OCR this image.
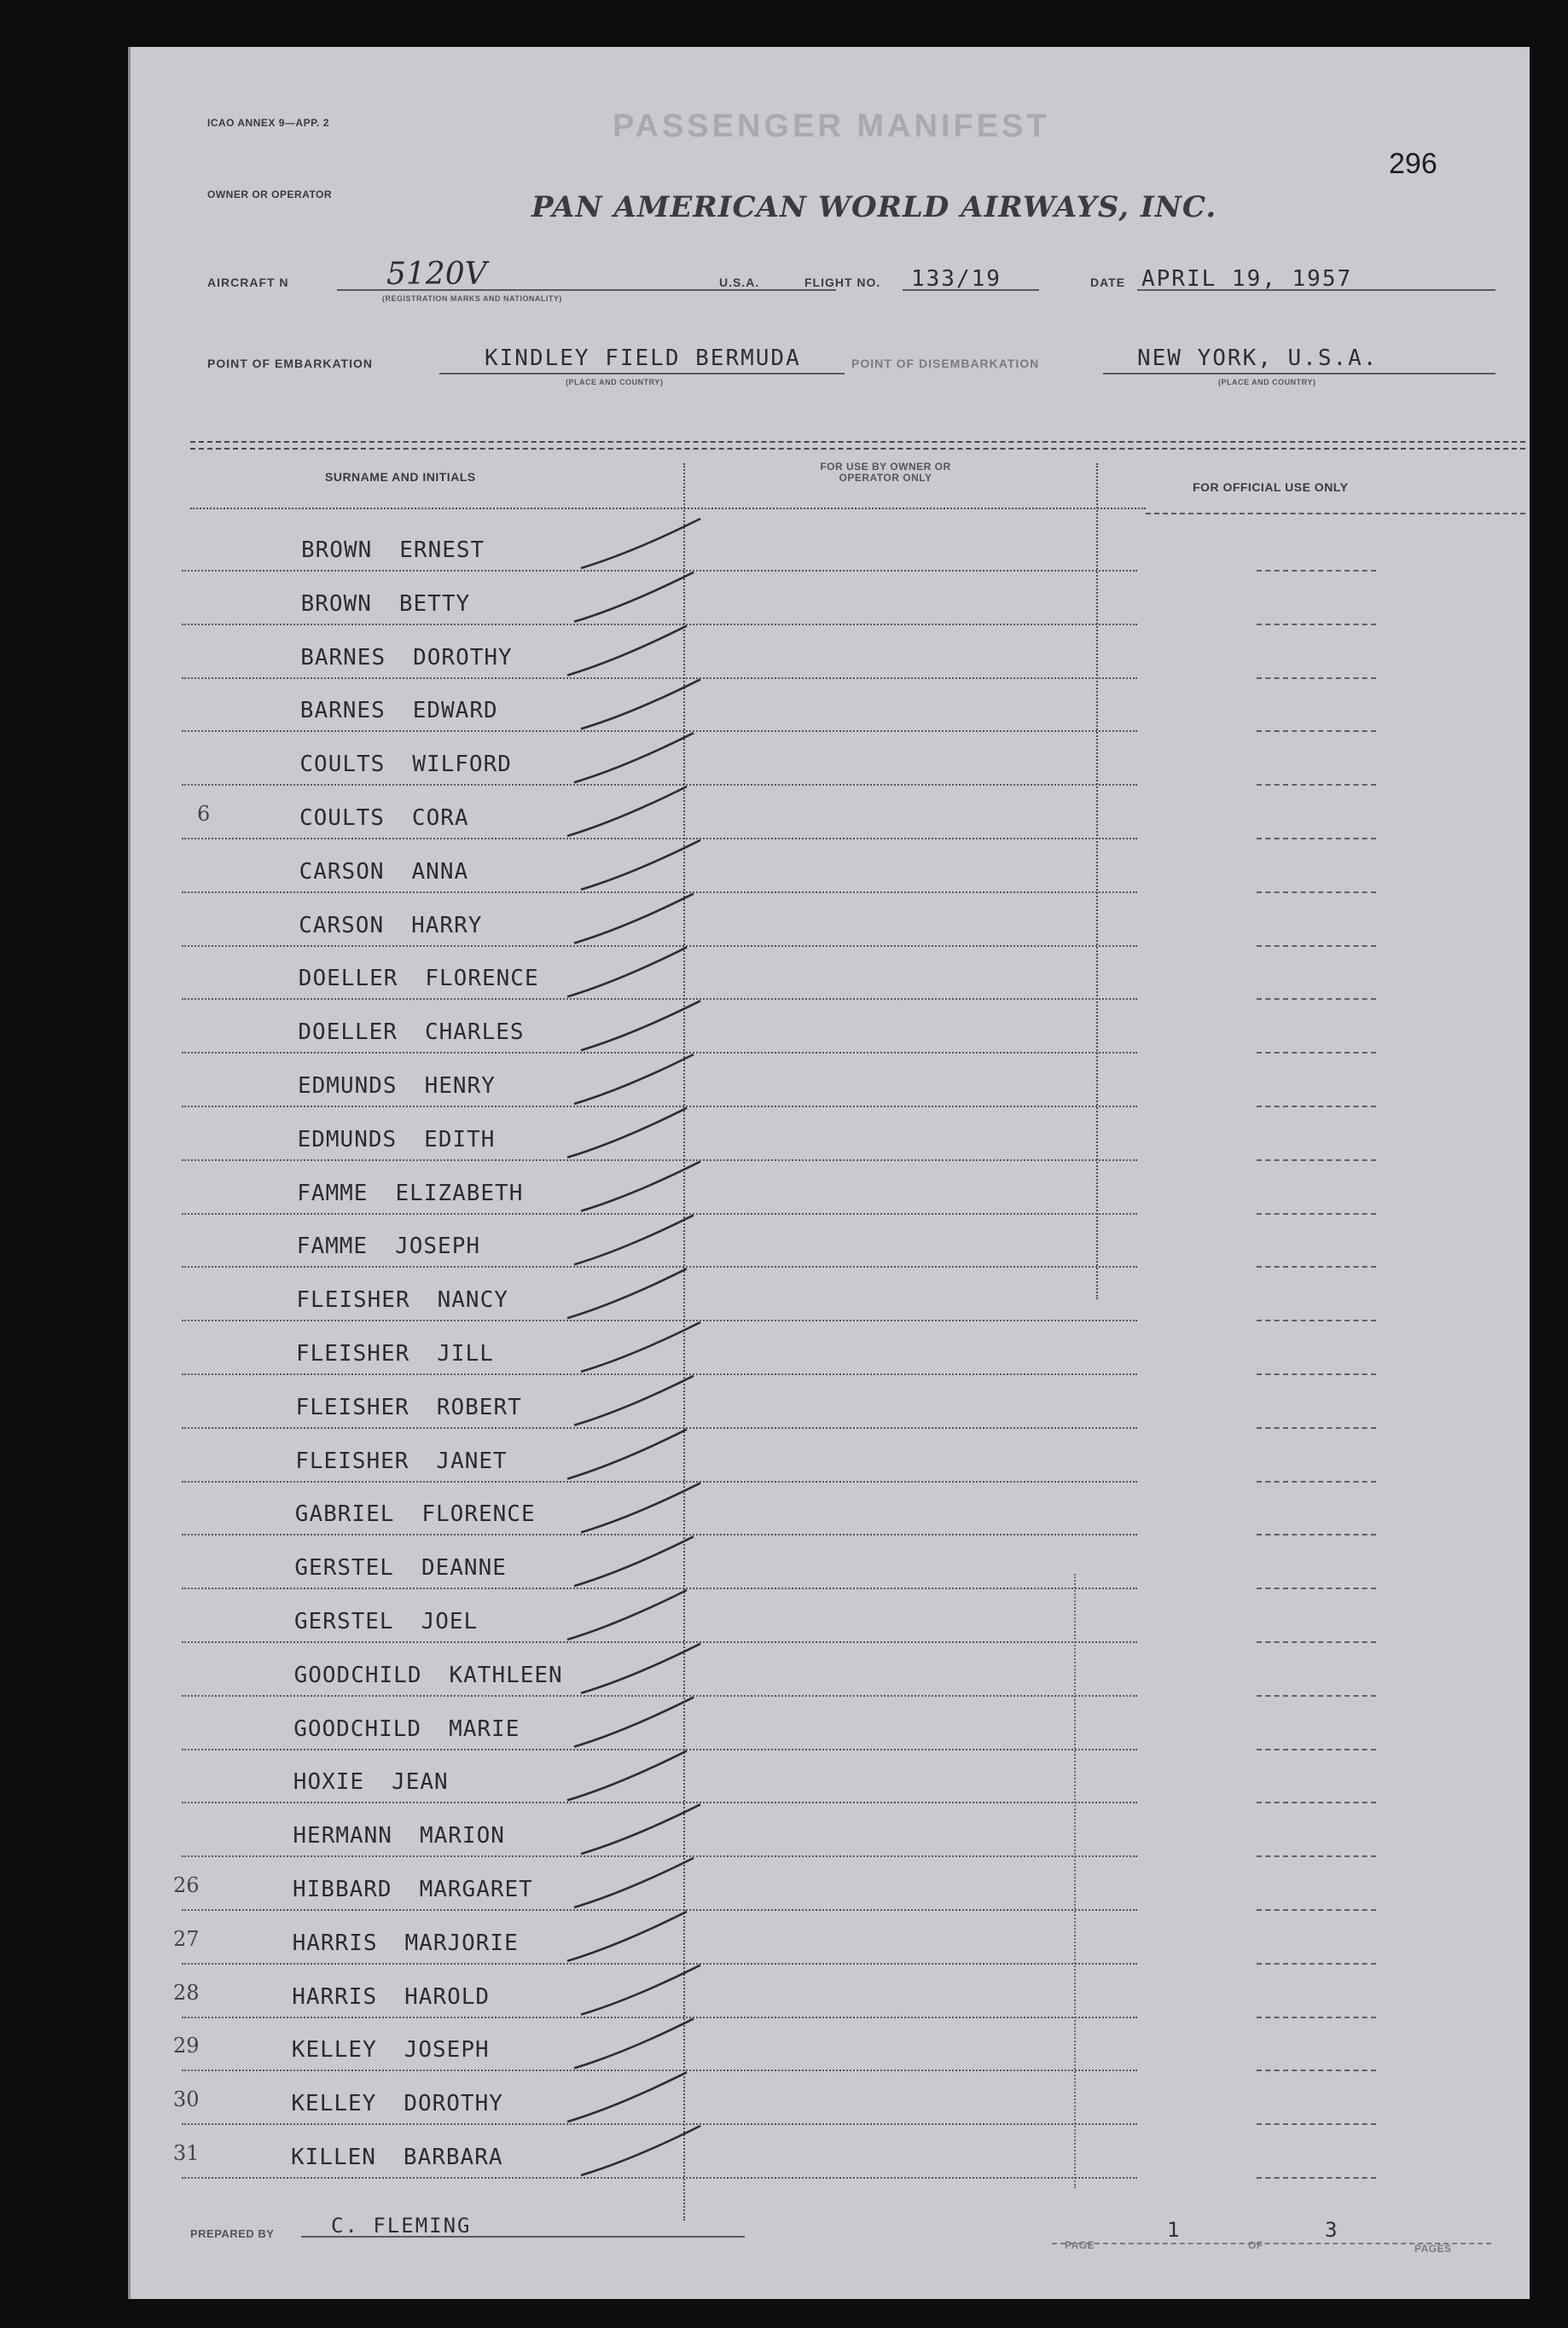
ICAO ANNEX 9—APP. 2	PASSENGER MANIFEST
296
OWNER OR OPERATOR	PAN AMERICAN WORLD AIRWAYS, INC.
AIRCRAFT N	5120V
(REGISTRATION MARKS AND NATIONALITY)
U.S.A.	FLIGHT NO. 133/19	DATE APRIL 19, 1957
POINT OF EMBARKATION	KINDLEY FIELD BERMUDA
(PLACE AND COUNTRY)
POINT OF DISEMBARKATION	NEW YORK, U.S.A.
(PLACE AND COUNTRY)
SURNAME AND INITIALS
FOR USE BY OWNER OR OPERATOR ONLY
FOR OFFICIAL USE ONLY
BROWN ERNEST
BROWN BETTY
BARNES DOROTHY
BARNES EDWARD
COULTS WILFORD
6	COULTS CORA
CARSON ANNA
CARSON HARRY
DOELLER FLORENCE
DOELLER CHARLES
EDMUNDS HENRY
EDMUNDS EDITH
FAMME ELIZABETH
FAMME JOSEPH
FLEISHER NANCY
FLEISHER JILL
FLEISHER ROBERT
FLEISHER JANET
GABRIEL FLORENCE
GERSTEL DEANNE
GERSTEL JOEL
GOODCHILD KATHLEEN
GOODCHILD MARIE
HOXIE JEAN
HERMANN MARION
26	HIBBARD MARGARET
27	HARRIS MARJORIE
28	HARRIS HAROLD
29	KELLEY JOSEPH
30	KELLEY DOROTHY
31	KILLEN BARBARA
PREPARED BY	C. FLEMING
PAGE
1
OF
3
PAGES
